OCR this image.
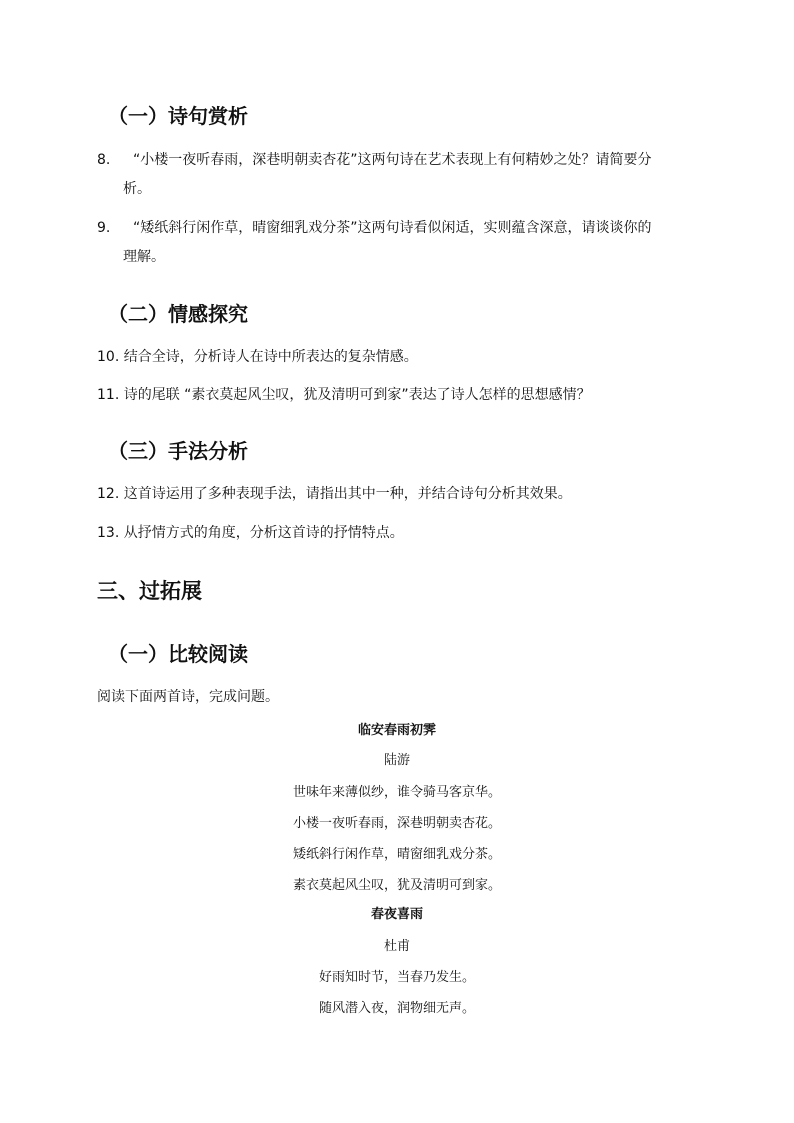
（一）诗句赏析
8. “小楼一夜听春雨，深巷明朝卖杏花”这两句诗在艺术表现上有何精妙之处？请简要分
析。
9. “矮纸斜行闲作草，晴窗细乳戏分茶”这两句诗看似闲适，实则蕴含深意，请谈谈你的
理解。
（二）情感探究
10. 结合全诗，分析诗人在诗中所表达的复杂情感。
11. 诗的尾联 “素衣莫起风尘叹，犹及清明可到家”表达了诗人怎样的思想感情？
（三）手法分析
12. 这首诗运用了多种表现手法，请指出其中一种，并结合诗句分析其效果。
13. 从抒情方式的角度，分析这首诗的抒情特点。
三、过拓展
（一）比较阅读
阅读下面两首诗，完成问题。
临安春雨初霁
陆游
世味年来薄似纱，谁令骑马客京华。
小楼一夜听春雨，深巷明朝卖杏花。
矮纸斜行闲作草，晴窗细乳戏分茶。
素衣莫起风尘叹，犹及清明可到家。
春夜喜雨
杜甫
好雨知时节，当春乃发生。
随风潜入夜，润物细无声。
